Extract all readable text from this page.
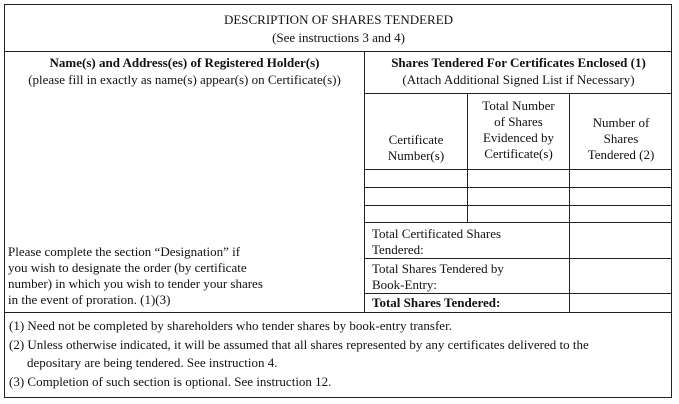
DESCRIPTION OF SHARES TENDERED
(See instructions 3 and 4)
Name(s) and Address(es) of Registered Holder(s)
(please fill in exactly as name(s) appear(s) on Certificate(s))
Shares Tendered For Certificates Enclosed (1)
(Attach Additional Signed List if Necessary)
Certificate
Number(s)
Total Number
of Shares
Evidenced by
Certificate(s)
Number of
Shares
Tendered (2)
Please complete the section “Designation” if
you wish to designate the order (by certificate
number) in which you wish to tender your shares
in the event of proration. (1)(3)
Total Certificated Shares
Tendered:
Total Shares Tendered by
Book-Entry:
Total Shares Tendered:
(1) Need not be completed by shareholders who tender shares by book-entry transfer.
(2) Unless otherwise indicated, it will be assumed that all shares represented by any certificates delivered to the
depositary are being tendered. See instruction 4.
(3) Completion of such section is optional. See instruction 12.
